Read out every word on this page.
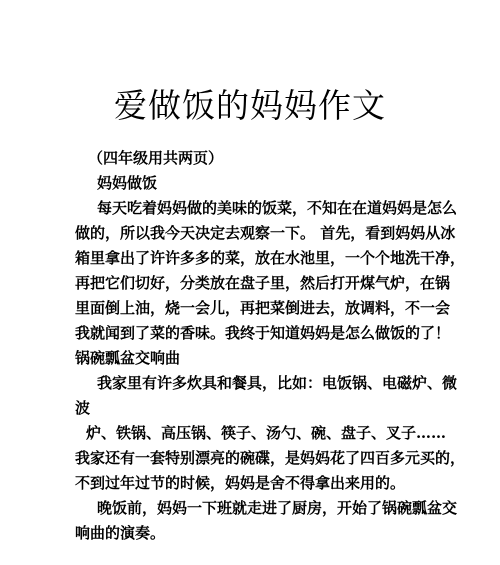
爱做饭的妈妈作文

（四年级用共两页）

妈妈做饭

每天吃着妈妈做的美味的饭菜，不知在在道妈妈是怎么

做的，所以我今天决定去观察一下。 首先，看到妈妈从冰

箱里拿出了许许多多的菜，放在水池里，一个个地洗干净，

再把它们切好，分类放在盘子里，然后打开煤气炉，在锅

里面倒上油，烧一会儿，再把菜倒进去，放调料，不一会

我就闻到了菜的香味。我终于知道妈妈是怎么做饭的了！

锅碗瓢盆交响曲

我家里有许多炊具和餐具，比如：电饭锅、电磁炉、微

波

炉、铁锅、高压锅、筷子、汤勺、碗、盘子、叉子……

我家还有一套特别漂亮的碗碟，是妈妈花了四百多元买的，

不到过年过节的时候，妈妈是舍不得拿出来用的。

晚饭前，妈妈一下班就走进了厨房，开始了锅碗瓢盆交

响曲的演奏。
